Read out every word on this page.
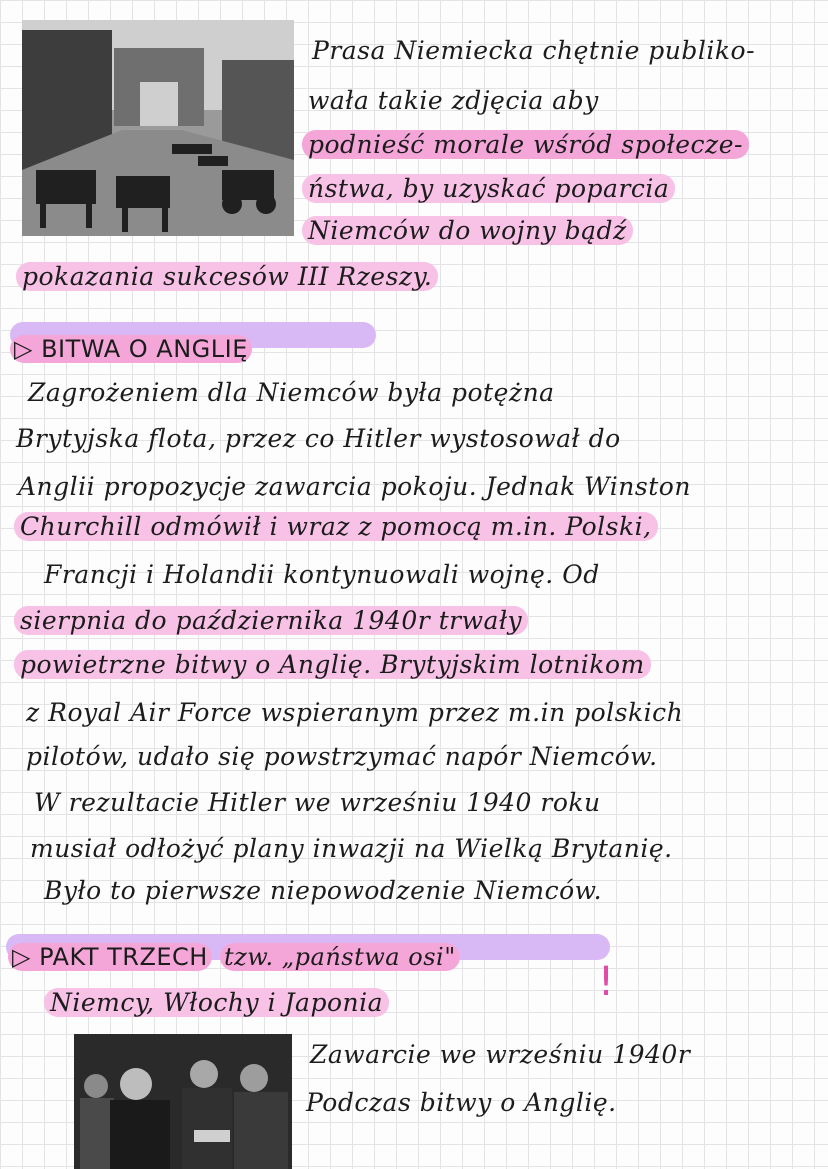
Prasa Niemiecka chętnie publiko-
wała takie zdjęcia aby
podnieść morale wśród społecze-
ństwa, by uzyskać poparcia
Niemców do wojny bądź
pokazania sukcesów III Rzeszy.
▷ BITWA O ANGLIĘ
Zagrożeniem dla Niemców była potężna
Brytyjska flota, przez co Hitler wystosował do
Anglii propozycje zawarcia pokoju. Jednak Winston
Churchill odmówił i wraz z pomocą m.in. Polski,
Francji i Holandii kontynuowali wojnę. Od
sierpnia do października 1940r trwały
powietrzne bitwy o Anglię. Brytyjskim lotnikom
z Royal Air Force wspieranym przez m.in polskich
pilotów, udało się powstrzymać napór Niemców.
W rezultacie Hitler we wrześniu 1940 roku
musiał odłożyć plany inwazji na Wielką Brytanię.
Było to pierwsze niepowodzenie Niemców.
▷ PAKT TRZECH tzw. „państwa osi"
!
Niemcy, Włochy i Japonia
Zawarcie we wrześniu 1940r
Podczas bitwy o Anglię.
